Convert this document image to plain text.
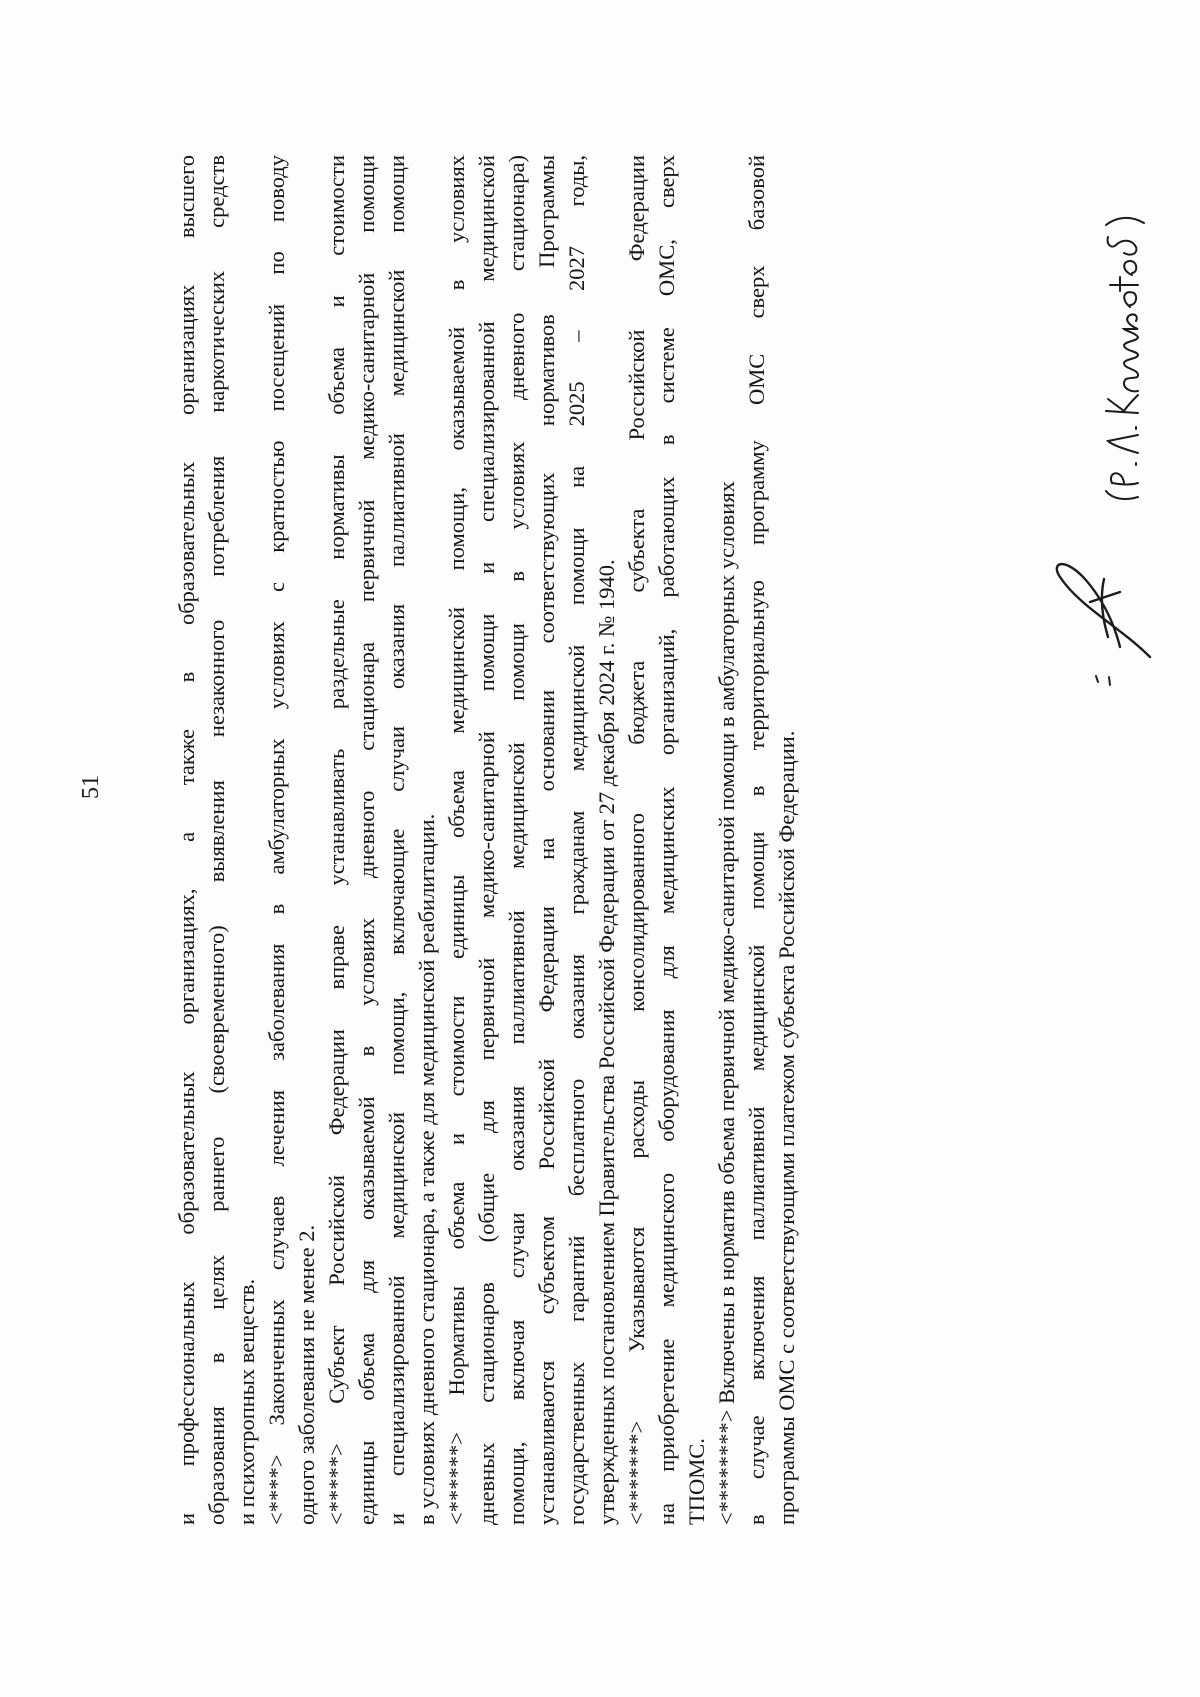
51	и профессиональных образовательных организациях, а также в образовательных организациях высшего образования в целях раннего (своевременного) выявления незаконного потребления наркотических средств и психотропных веществ. <****> Законченных случаев лечения заболевания в амбулаторных условиях с кратностью посещений по поводу одного заболевания не менее 2. <*****> Субъект Российской Федерации вправе устанавливать раздельные нормативы объема и стоимости единицы объема для оказываемой в условиях дневного стационара первичной медико-санитарной помощи и специализированной медицинской помощи, включающие случаи оказания паллиативной медицинской помощи в условиях дневного стационара, а также для медицинской реабилитации. <******> Нормативы объема и стоимости единицы объема медицинской помощи, оказываемой в условиях дневных стационаров (общие для первичной медико-санитарной помощи и специализированной медицинской помощи, включая случаи оказания паллиативной медицинской помощи в условиях дневного стационара) устанавливаются субъектом Российской Федерации на основании соответствующих нормативов Программы государственных гарантий бесплатного оказания гражданам медицинской помощи на 2025 – 2027 годы, утвержденных постановлением Правительства Российской Федерации от 27 декабря 2024 г. № 1940. <*******> Указываются расходы консолидированного бюджета субъекта Российской Федерации на приобретение медицинского оборудования для медицинских организаций, работающих в системе ОМС, сверх ТПОМС. <********> Включены в норматив объема первичной медико-санитарной помощи в амбулаторных условиях в случае включения паллиативной медицинской помощи в территориальную программу ОМС сверх базовой программы ОМС с соответствующими платежом субъекта Российской Федерации.
